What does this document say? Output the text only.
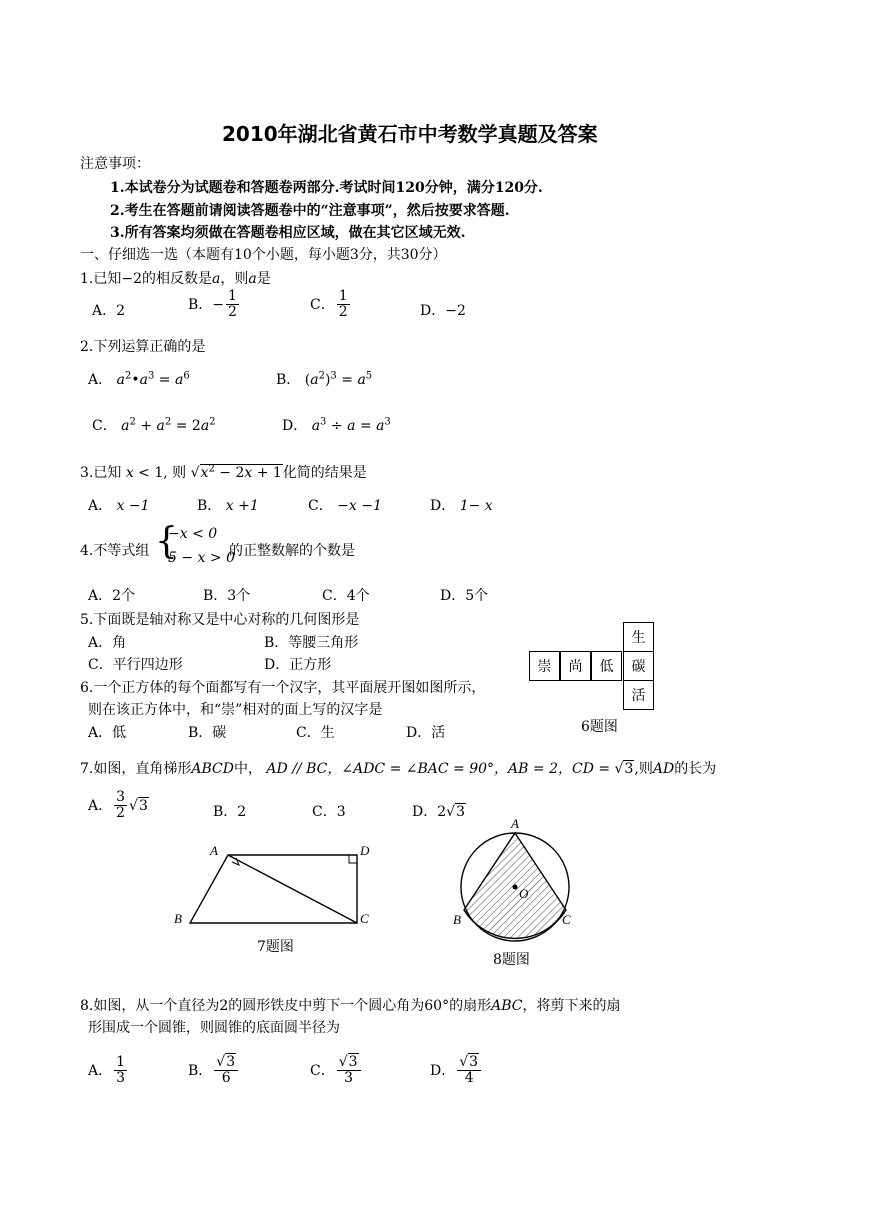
2010年湖北省黄石市中考数学真题及答案
注意事项：
1.本试卷分为试题卷和答题卷两部分.考试时间120分钟，满分120分.
2.考生在答题前请阅读答题卷中的“注意事项”，然后按要求答题.
3.所有答案均须做在答题卷相应区域，做在其它区域无效.
一、仔细选一选（本题有10个小题，每小题3分，共30分）
1.已知−2的相反数是a，则a是
A．2	B．− $\frac{1}{2}$	C． $\frac{1}{2}$	D．−2
2.下列运算正确的是
A． $a^2•a^3 = a^6$	B． $(a^2)^3 = a^5$
C． $a^2 + a^2 = 2a^2$	D． $a^3 \div a = a^3$
3.已知 x < 1, 则 $√x^2 - 2x + 1$化简的结果是
A． x −1	B． x +1	C． −x −1	D． 1− x
4.不等式组 {
−x < 0
5 − x > 0
的正整数解的个数是
A．2个	B．3个	C．4个	D．5个
5.下面既是轴对称又是中心对称的几何图形是
A．角	B．等腰三角形
C．平行四边形	D．正方形
6.一个正方体的每个面都写有一个汉字，其平面展开图如图所示，
则在该正方体中，和“崇”相对的面上写的汉字是
A．低	B．碳	C．生	D．活
生
崇	尚	低	碳
活
6题图
7.如图，直角梯形ABCD中， AD // BC，∠ADC = ∠BAC = 90°，AB = 2，CD = √3,则AD的长为
A． $\frac{3}{2} √3$	B．2	C．3	D．2√3
A	D
B	C
7题图
A
B	C
O
8题图
8.如图，从一个直径为2的圆形铁皮中剪下一个圆心角为60°的扇形ABC，将剪下来的扇
形围成一个圆锥，则圆锥的底面圆半径为
A． $\frac{1}{3}$	B． $\frac{√3}{6}$	C． $\frac{√3}{3}$	D． $\frac{√3}{4}$
